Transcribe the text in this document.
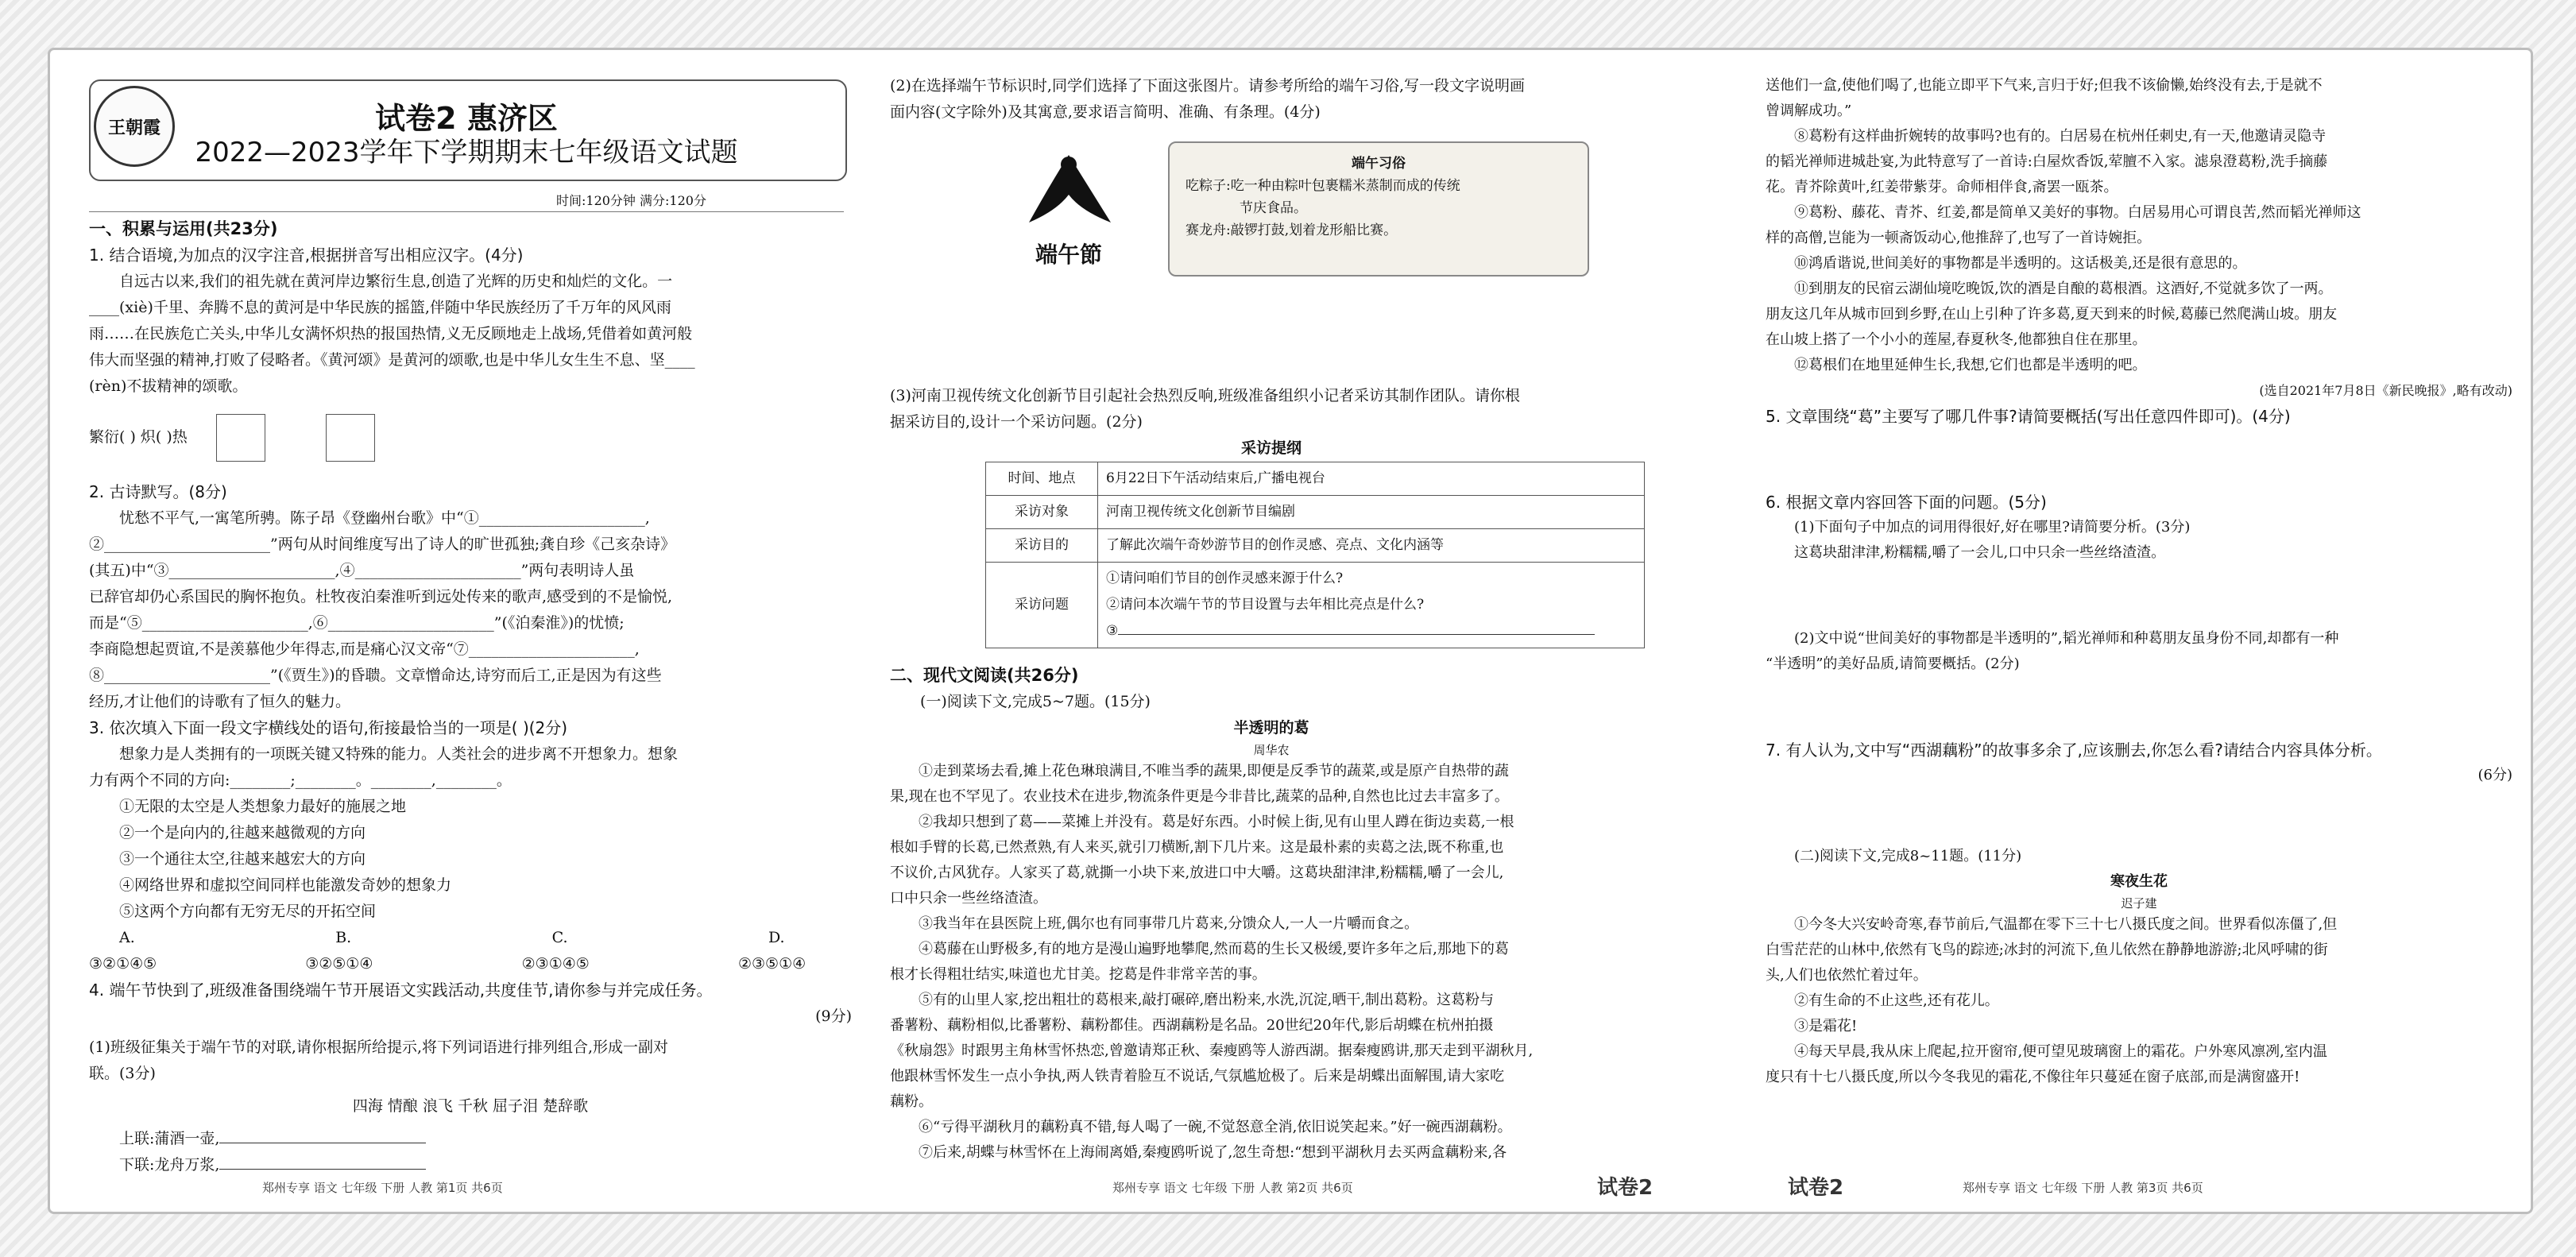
王朝霞	试卷2 惠济区
2022—2023学年下学期期末七年级语文试题
时间:120分钟 满分:120分

一、积累与运用(共23分)

1. 结合语境,为加点的汉字注音,根据拼音写出相应汉字。(4分)

自远古以来,我们的祖先就在黄河岸边繁衍生息,创造了光辉的历史和灿烂的文化。一

____(xiè)千里、奔腾不息的黄河是中华民族的摇篮,伴随中华民族经历了千万年的风风雨

雨……在民族危亡关头,中华儿女满怀炽热的报国热情,义无反顾地走上战场,凭借着如黄河般

伟大而坚强的精神,打败了侵略者。《黄河颂》是黄河的颂歌,也是中华儿女生生不息、坚____

(rèn)不拔精神的颂歌。

繁衍( ) 炽( )热

2. 古诗默写。(8分)

忧愁不平气,一寓笔所骋。陈子昂《登幽州台歌》中“①______________________,

②______________________”两句从时间维度写出了诗人的旷世孤独;龚自珍《己亥杂诗》

(其五)中“③______________________,④______________________”两句表明诗人虽

已辞官却仍心系国民的胸怀抱负。杜牧夜泊秦淮听到远处传来的歌声,感受到的不是愉悦,

而是“⑤______________________,⑥______________________”(《泊秦淮》)的忧愤;

李商隐想起贾谊,不是羡慕他少年得志,而是痛心汉文帝“⑦______________________,

⑧______________________”(《贾生》)的昏聩。文章憎命达,诗穷而后工,正是因为有这些

经历,才让他们的诗歌有了恒久的魅力。

3. 依次填入下面一段文字横线处的语句,衔接最恰当的一项是( )(2分)

想象力是人类拥有的一项既关键又特殊的能力。人类社会的进步离不开想象力。想象

力有两个不同的方向:________;________。________,________。

①无限的太空是人类想象力最好的施展之地

②一个是向内的,往越来越微观的方向

③一个通往太空,往越来越宏大的方向

④网络世界和虚拟空间同样也能激发奇妙的想象力

⑤这两个方向都有无穷无尽的开拓空间

A. ③②①④⑤
B. ③②⑤①④
C. ②③①④⑤
D. ②③⑤①④

4. 端午节快到了,班级准备围绕端午节开展语文实践活动,共度佳节,请你参与并完成任务。

(9分)

(1)班级征集关于端午节的对联,请你根据所给提示,将下列词语进行排列组合,形成一副对

联。(3分)

四海 情酿 浪飞 千秋 屈子泪 楚辞歌

上联:蒲酒一壶,

下联:龙舟万浆,

郑州专享 语文 七年级 下册 人教 第1页 共6页

(2)在选择端午节标识时,同学们选择了下面这张图片。请参考所给的端午习俗,写一段文字说明画

面内容(文字除外)及其寓意,要求语言简明、准确、有条理。(4分)

端午節
端午习俗
吃粽子:吃一种由粽叶包裹糯米蒸制而成的传统
节庆食品。
赛龙舟:敲锣打鼓,划着龙形船比赛。

(3)河南卫视传统文化创新节目引起社会热烈反响,班级准备组织小记者采访其制作团队。请你根

据采访目的,设计一个采访问题。(2分)

采访提纲

时间、地点	6月22日下午活动结束后,广播电视台
采访对象	河南卫视传统文化创新节目编剧
采访目的	了解此次端午奇妙游节目的创作灵感、亮点、文化内涵等
采访问题	①请问咱们节目的创作灵感来源于什么?
②请问本次端午节的节目设置与去年相比亮点是什么?
③

二、现代文阅读(共26分)

(一)阅读下文,完成5~7题。(15分)

半透明的葛

周华农

①走到菜场去看,摊上花色琳琅满目,不唯当季的蔬果,即便是反季节的蔬菜,或是原产自热带的蔬

果,现在也不罕见了。农业技术在进步,物流条件更是今非昔比,蔬菜的品种,自然也比过去丰富多了。

②我却只想到了葛——菜摊上并没有。葛是好东西。小时候上街,见有山里人蹲在街边卖葛,一根

根如手臂的长葛,已然煮熟,有人来买,就引刀横断,割下几片来。这是最朴素的卖葛之法,既不称重,也

不议价,古风犹存。人家买了葛,就撕一小块下来,放进口中大嚼。这葛块甜津津,粉糯糯,嚼了一会儿,

口中只余一些丝络渣渣。

③我当年在县医院上班,偶尔也有同事带几片葛来,分馈众人,一人一片嚼而食之。

④葛藤在山野极多,有的地方是漫山遍野地攀爬,然而葛的生长又极缓,要许多年之后,那地下的葛

根才长得粗壮结实,味道也尤甘美。挖葛是件非常辛苦的事。

⑤有的山里人家,挖出粗壮的葛根来,敲打碾碎,磨出粉来,水洗,沉淀,晒干,制出葛粉。这葛粉与

番薯粉、藕粉相似,比番薯粉、藕粉都佳。西湖藕粉是名品。20世纪20年代,影后胡蝶在杭州拍摄

《秋扇怨》时跟男主角林雪怀热恋,曾邀请郑正秋、秦瘦鸥等人游西湖。据秦瘦鸥讲,那天走到平湖秋月,

他跟林雪怀发生一点小争执,两人铁青着脸互不说话,气氛尴尬极了。后来是胡蝶出面解围,请大家吃

藕粉。

⑥“亏得平湖秋月的藕粉真不错,每人喝了一碗,不觉怒意全消,依旧说笑起来。”好一碗西湖藕粉。

⑦后来,胡蝶与林雪怀在上海闹离婚,秦瘦鸥听说了,忽生奇想:“想到平湖秋月去买两盒藕粉来,各

郑州专享 语文 七年级 下册 人教 第2页 共6页	试卷2

送他们一盒,使他们喝了,也能立即平下气来,言归于好;但我不该偷懒,始终没有去,于是就不

曾调解成功。”

⑧葛粉有这样曲折婉转的故事吗?也有的。白居易在杭州任刺史,有一天,他邀请灵隐寺

的韬光禅师进城赴宴,为此特意写了一首诗:白屋炊香饭,荤膻不入家。滤泉澄葛粉,洗手摘藤

花。青芥除黄叶,红姜带紫芽。命师相伴食,斋罢一瓯茶。

⑨葛粉、藤花、青芥、红姜,都是简单又美好的事物。白居易用心可谓良苦,然而韬光禅师这

样的高僧,岂能为一顿斋饭动心,他推辞了,也写了一首诗婉拒。

⑩鸿盾谐说,世间美好的事物都是半透明的。这话极美,还是很有意思的。

⑪到朋友的民宿云湖仙境吃晚饭,饮的酒是自酿的葛根酒。这酒好,不觉就多饮了一两。

朋友这几年从城市回到乡野,在山上引种了许多葛,夏天到来的时候,葛藤已然爬满山坡。朋友

在山坡上搭了一个小小的莲屋,春夏秋冬,他都独自住在那里。

⑫葛根们在地里延伸生长,我想,它们也都是半透明的吧。

(选自2021年7月8日《新民晚报》,略有改动)

5. 文章围绕“葛”主要写了哪几件事?请简要概括(写出任意四件即可)。(4分)

6. 根据文章内容回答下面的问题。(5分)

(1)下面句子中加点的词用得很好,好在哪里?请简要分析。(3分)

这葛块甜津津,粉糯糯,嚼了一会儿,口中只余一些丝络渣渣。

(2)文中说“世间美好的事物都是半透明的”,韬光禅师和种葛朋友虽身份不同,却都有一种

“半透明”的美好品质,请简要概括。(2分)

7. 有人认为,文中写“西湖藕粉”的故事多余了,应该删去,你怎么看?请结合内容具体分析。

(6分)

(二)阅读下文,完成8~11题。(11分)

寒夜生花

迟子建

①今冬大兴安岭奇寒,春节前后,气温都在零下三十七八摄氏度之间。世界看似冻僵了,但

白雪茫茫的山林中,依然有飞鸟的踪迹;冰封的河流下,鱼儿依然在静静地游游;北风呼啸的街

头,人们也依然忙着过年。

②有生命的不止这些,还有花儿。

③是霜花!

④每天早晨,我从床上爬起,拉开窗帘,便可望见玻璃窗上的霜花。户外寒风凛冽,室内温

度只有十七八摄氏度,所以今冬我见的霜花,不像往年只蔓延在窗子底部,而是满窗盛开!

试卷2	郑州专享 语文 七年级 下册 人教 第3页 共6页
